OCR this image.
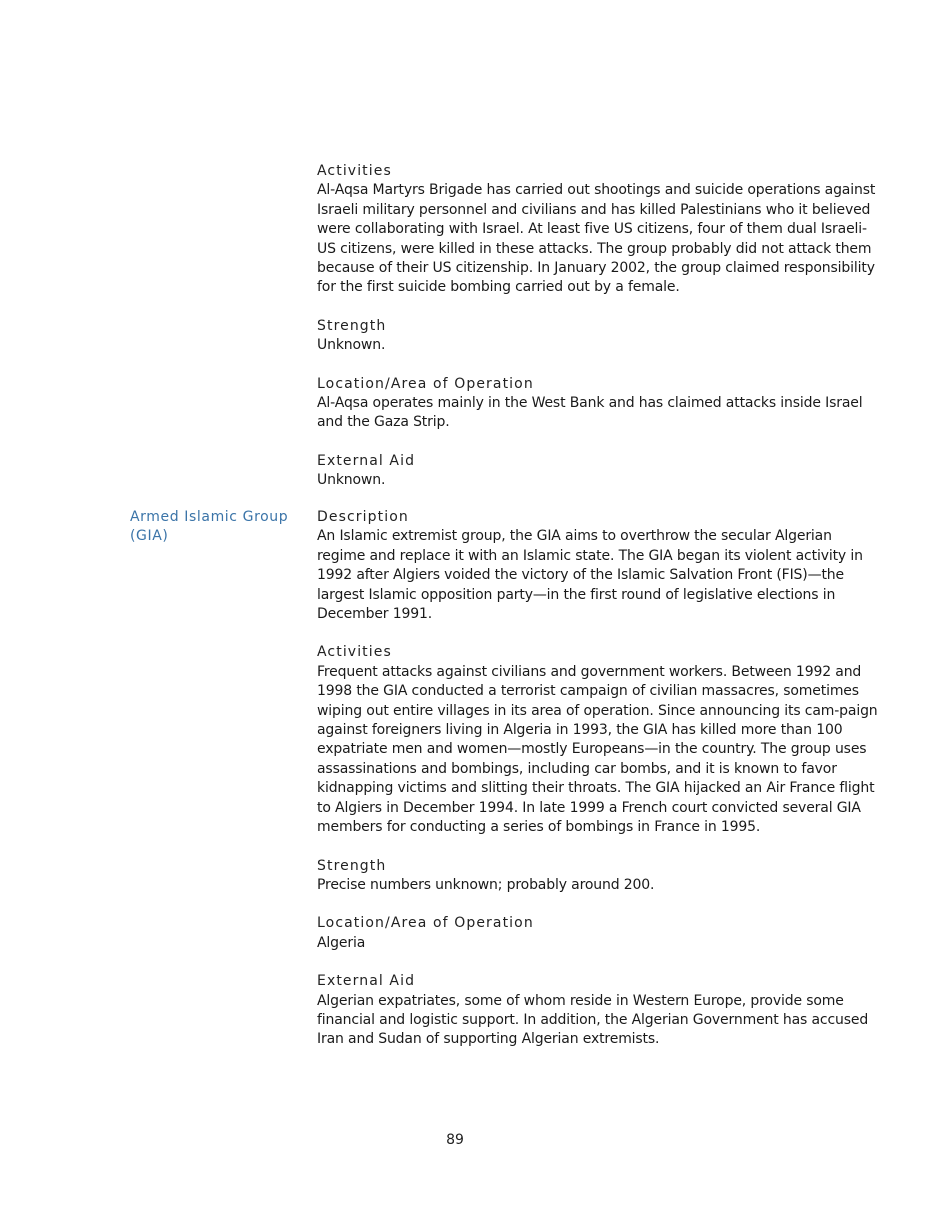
Activities
Al-Aqsa Martyrs Brigade has carried out shootings and suicide operations against Israeli military personnel and civilians and has killed Palestinians who it believed were collaborating with Israel. At least five US citizens, four of them dual Israeli-US citizens, were killed in these attacks. The group probably did not attack them because of their US citizenship. In January 2002, the group claimed responsibility for the first suicide bombing carried out by a female.
Strength
Unknown.
Location/Area of Operation
Al-Aqsa operates mainly in the West Bank and has claimed attacks inside Israel and the Gaza Strip.
External Aid
Unknown.
Armed Islamic Group (GIA)
Description
An Islamic extremist group, the GIA aims to overthrow the secular Algerian regime and replace it with an Islamic state. The GIA began its violent activity in 1992 after Algiers voided the victory of the Islamic Salvation Front (FIS)—the largest Islamic opposition party—in the first round of legislative elections in December 1991.
Activities
Frequent attacks against civilians and government workers. Between 1992 and 1998 the GIA conducted a terrorist campaign of civilian massacres, sometimes wiping out entire villages in its area of operation. Since announcing its cam-paign against foreigners living in Algeria in 1993, the GIA has killed more than 100 expatriate men and women—mostly Europeans—in the country. The group uses assassinations and bombings, including car bombs, and it is known to favor kidnapping victims and slitting their throats. The GIA hijacked an Air France flight to Algiers in December 1994. In late 1999 a French court convicted several GIA members for conducting a series of bombings in France in 1995.
Strength
Precise numbers unknown; probably around 200.
Location/Area of Operation
Algeria
External Aid
Algerian expatriates, some of whom reside in Western Europe, provide some financial and logistic support. In addition, the Algerian Government has accused Iran and Sudan of supporting Algerian extremists.
89
